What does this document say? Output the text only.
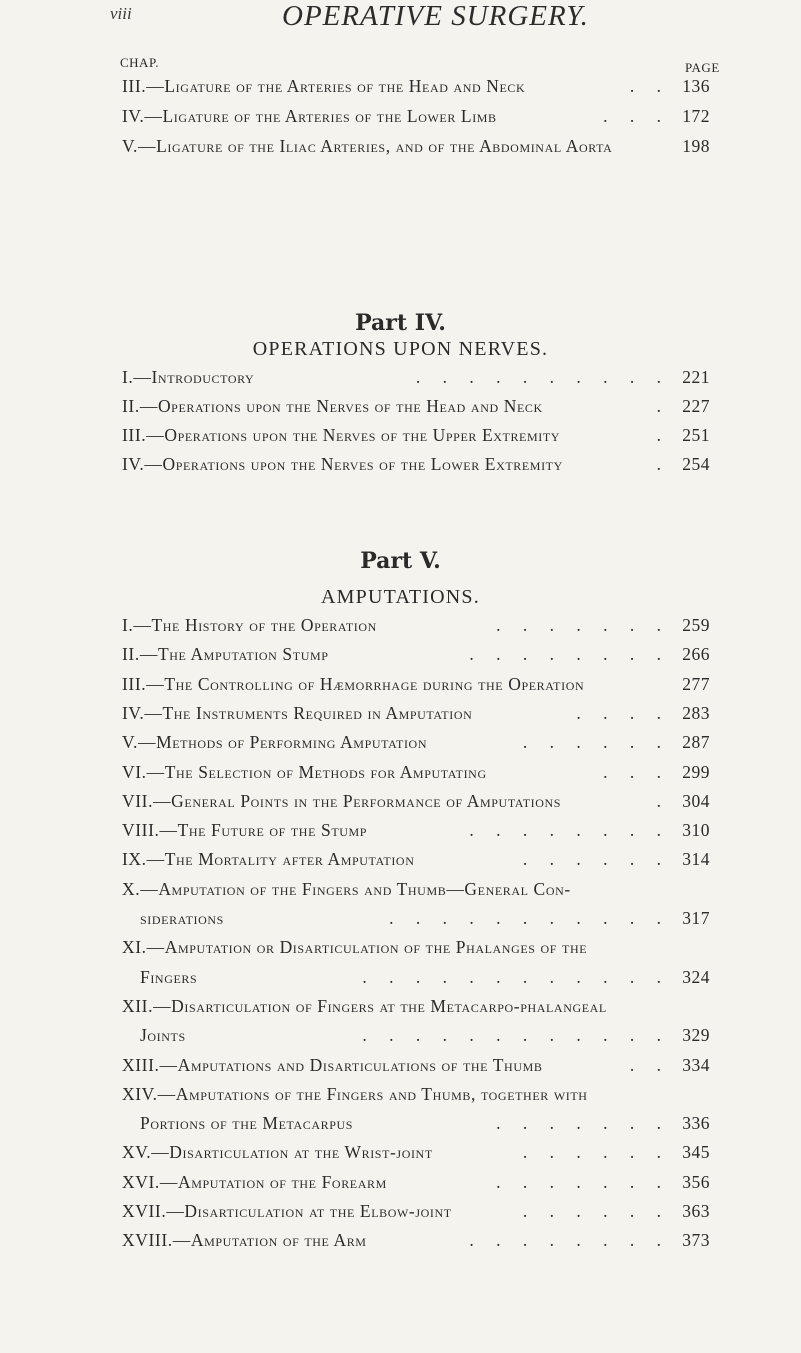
viii	OPERATIVE SURGERY.
CHAP.	PAGE
III.—Ligature of the Arteries of the Head and Neck	136
. .
IV.—Ligature of the Arteries of the Lower Limb	172
. . .
V.—Ligature of the Iliac Arteries, and of the Abdominal Aorta	198
Part IV.
OPERATIONS UPON NERVES.
I.—Introductory	221
. . . . . . . . . .
II.—Operations upon the Nerves of the Head and Neck	227
.
III.—Operations upon the Nerves of the Upper Extremity	251
.
IV.—Operations upon the Nerves of the Lower Extremity	254
.
Part V.
AMPUTATIONS.
I.—The History of the Operation	259
. . . . . . .
II.—The Amputation Stump	266
. . . . . . . .
III.—The Controlling of Hæmorrhage during the Operation	277
IV.—The Instruments Required in Amputation	283
. . . .
V.—Methods of Performing Amputation	287
. . . . . .
VI.—The Selection of Methods for Amputating	299
. . .
VII.—General Points in the Performance of Amputations	304
.
VIII.—The Future of the Stump	310
. . . . . . . .
IX.—The Mortality after Amputation	314
. . . . . .
X.—Amputation of the Fingers and Thumb—General Con-
siderations	317
. . . . . . . . . . .
XI.—Amputation or Disarticulation of the Phalanges of the
Fingers	324
. . . . . . . . . . . .
XII.—Disarticulation of Fingers at the Metacarpo-phalangeal
Joints	329
. . . . . . . . . . . .
XIII.—Amputations and Disarticulations of the Thumb	334
. .
XIV.—Amputations of the Fingers and Thumb, together with
Portions of the Metacarpus	336
. . . . . . .
XV.—Disarticulation at the Wrist-joint	345
. . . . . .
XVI.—Amputation of the Forearm	356
. . . . . . .
XVII.—Disarticulation at the Elbow-joint	363
. . . . . .
XVIII.—Amputation of the Arm	373
. . . . . . . .
